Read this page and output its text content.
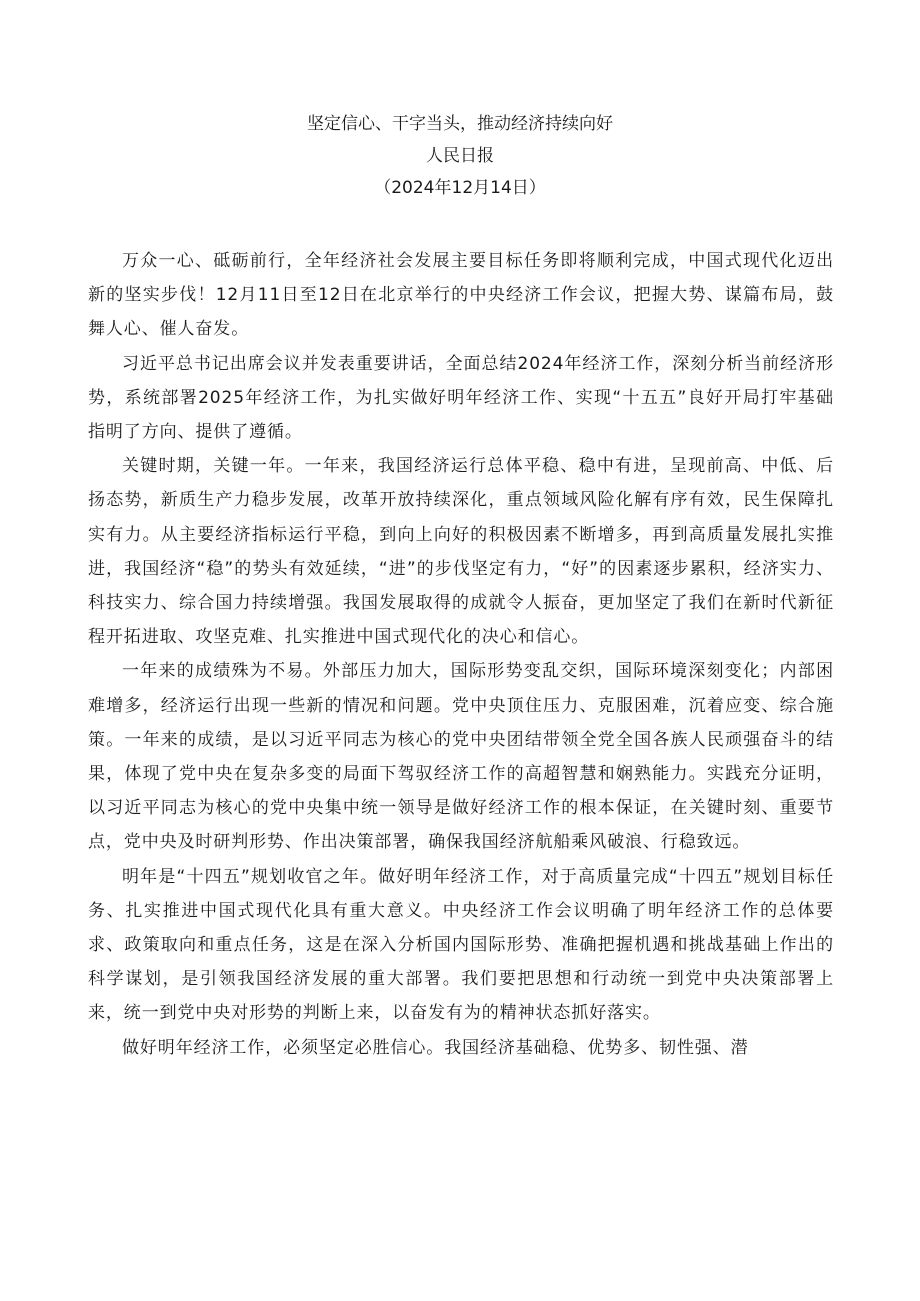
坚定信心、干字当头，推动经济持续向好
人民日报
（2024年12月14日）

万众一心、砥砺前行，全年经济社会发展主要目标任务即将顺利完成，中国式现代化迈出新的坚实步伐！12月11日至12日在北京举行的中央经济工作会议，把握大势、谋篇布局，鼓舞人心、催人奋发。

习近平总书记出席会议并发表重要讲话，全面总结2024年经济工作，深刻分析当前经济形势，系统部署2025年经济工作，为扎实做好明年经济工作、实现“十五五”良好开局打牢基础指明了方向、提供了遵循。

关键时期，关键一年。一年来，我国经济运行总体平稳、稳中有进，呈现前高、中低、后扬态势，新质生产力稳步发展，改革开放持续深化，重点领域风险化解有序有效，民生保障扎实有力。从主要经济指标运行平稳，到向上向好的积极因素不断增多，再到高质量发展扎实推进，我国经济“稳”的势头有效延续，“进”的步伐坚定有力，“好”的因素逐步累积，经济实力、科技实力、综合国力持续增强。我国发展取得的成就令人振奋，更加坚定了我们在新时代新征程开拓进取、攻坚克难、扎实推进中国式现代化的决心和信心。

一年来的成绩殊为不易。外部压力加大，国际形势变乱交织，国际环境深刻变化；内部困难增多，经济运行出现一些新的情况和问题。党中央顶住压力、克服困难，沉着应变、综合施策。一年来的成绩，是以习近平同志为核心的党中央团结带领全党全国各族人民顽强奋斗的结果，体现了党中央在复杂多变的局面下驾驭经济工作的高超智慧和娴熟能力。实践充分证明，以习近平同志为核心的党中央集中统一领导是做好经济工作的根本保证，在关键时刻、重要节点，党中央及时研判形势、作出决策部署，确保我国经济航船乘风破浪、行稳致远。

明年是“十四五”规划收官之年。做好明年经济工作，对于高质量完成“十四五”规划目标任务、扎实推进中国式现代化具有重大意义。中央经济工作会议明确了明年经济工作的总体要求、政策取向和重点任务，这是在深入分析国内国际形势、准确把握机遇和挑战基础上作出的科学谋划，是引领我国经济发展的重大部署。我们要把思想和行动统一到党中央决策部署上来，统一到党中央对形势的判断上来，以奋发有为的精神状态抓好落实。

做好明年经济工作，必须坚定必胜信心。我国经济基础稳、优势多、韧性强、潜
